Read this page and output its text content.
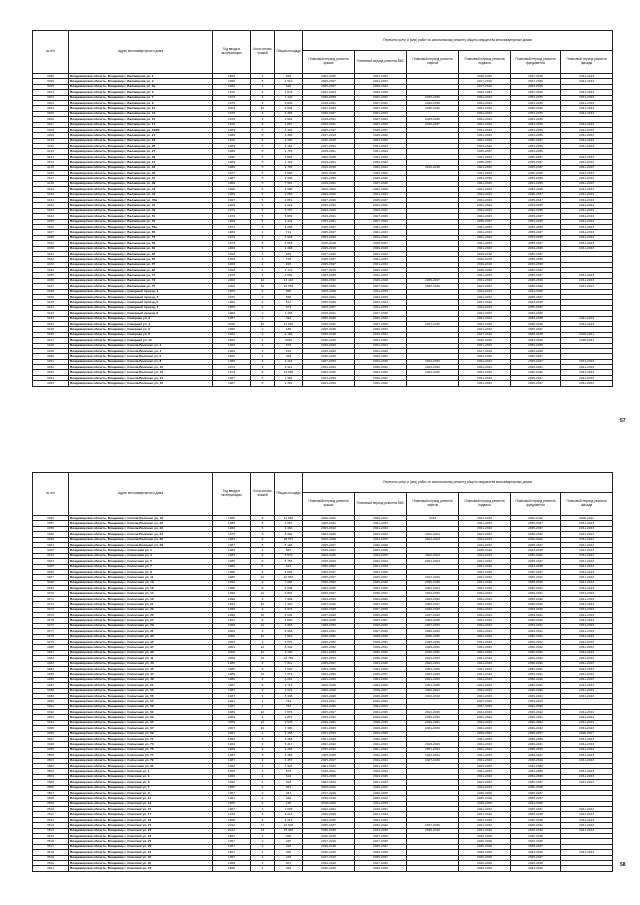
№ п/п	Адрес многоквартирного дома	Год ввода в эксплуатацию	Коли-чество этажей	Общая площадь	Перечень услуг и (или) работ по капитальному ремонту общего имущества многоквартирных домов					
					Плановый период ремонта крыши	Плановый период ремонта ВИС	Плановый период ремонта лифтов	Плановый период ремонта подвала	Плановый период ремонта фундамента	Плановый период ремонта фасада
3398	Владимирская область, Владимир г, Балакирева ул, 1	1959	2	565	2024-2026	2021-2023		2018-2020	2037-2039	2041-2043
3399	Владимирская область, Владимир г, Балакирева ул, 3	1968	5	2 610	2025-2027	2021-2023		2017-2019	2037-2039	2041-2043
3400	Владимирская область, Владимир г, Балакирева ул, 3а	1960	2	526	2025-2027	2020-2022		2017-2019	2034-2036	
3401	Владимирская область, Владимир г, Балакирева ул, 5	1972	5	3 578	2021-2023	2026-2028		2032-2034	2037-2039	2041-2043
3402	Владимирская область, Владимир г, Балакирева ул, 7	1974	9	7 120	2026-2028	2020-2022	2035-2036	2041-2043	2033-2035	2041-2043
3403	Владимирская область, Владимир г, Балакирева ул, 9	1975	9	6 846	2019-2021	2027-2029	2036-2038	2041-2043	2034-2036	2041-2043
3404	Владимирская область, Владимир г, Балакирева ул, 11	2003	10	6 504	2031-2033	2027-2029	2038-2040	2041-2043	2038-2040	2041-2043
3405	Владимирская область, Владимир г, Балакирева ул, 13	1976	5	3 456	2026-2027	2021-2023		2041-2043	2033-2035	2041-2043
3406	Владимирская область, Владимир г, Балакирева ул, 15	1976	9	2 904	2019-2021	2027-2029	2035-2036	2041-2043	2033-2035	
3407	Владимирская область, Владимир г, Балакирева ул, 17	1976	9	7 867	2019-2021	2027-2029	2036-2037	2041-2043	2033-2035	2041-2043
3408	Владимирская область, Владимир г, Балакирева ул, 19/85	1969	5	3 302	2025-2027	2025-2027		2041-2043	2034-2036	2041-2043
3409	Владимирская область, Владимир г, Балакирева ул, 21	1969	5	3 460	2017-2019	2026-2028		2041-2043	2034-2036	2041-2043
3410	Владимирская область, Владимир г, Балакирева ул, 23	1970	5	3 483	2016-2018	2023-2025		2041-2043	2035-2037	2041-2043
3411	Владимирская область, Владимир г, Балакирева ул, 25	1969	5	4 181	2017-2019	2021-2023		2041-2043	2034-2036	2041-2043
3412	Владимирская область, Владимир г, Балакирева ул, 27	1969	5	1 716	2019-2021	2021-2023		2035-2037	2034-2036	
3413	Владимирская область, Владимир г, Балакирева ул, 29	1990	5	3 894	2026-2028	2021-2023		2041-2043	2035-2037	2041-2043
3414	Владимирская область, Владимир г, Балакирева ул, 31	1969	5	1 792	2019-2021	2020-2022		2035-2037	2035-2037	2041-2043
3415	Владимирская область, Владимир г, Балакирева ул, 33	1969	5	1 759	2016-2018	2022-2024	2016-2018	2041-2043	2035-2037	2041-2043
3416	Владимирская область, Владимир г, Балакирева ул, 35	1977	5	2 583	2015-2016	2020-2022		2041-2043	2036-2038	2041-2043
3417	Владимирская область, Владимир г, Балакирева ул, 37	1987	5	3 980	2026-2028	2020-2022		2033-2035	2036-2038	2041-2043
3418	Владимирская область, Владимир г, Балакирева ул, 39	1969	5	7 591	2016-2021	2027-2029		2041-2043	2034-2036	2041-2043
3419	Владимирская область, Владимир г, Балакирева ул, 41	1968	5	3 986	2020-2022	2026-2028		2041-2043	2033-2035	2041-2043
3420	Владимирская область, Владимир г, Балакирева ул, 43	1969	5	2 650	2024-2026	2021-2023		2041-2043	2035-2037	2041-2043
3421	Владимирская область, Владимир г, Балакирева ул, 45а	1967	5	2 861	2027-2029	2025-2027		2041-2043	2035-2037	2041-2043
3422	Владимирская область, Владимир г, Балакирева ул, 47	1969	5	1 519	2020-2022	2024-2026		2041-2043	2033-2035	2041-2043
3423	Владимирская область, Владимир г, Балакирева ул, 49	1974	5	3 707	2023-2025	2020-2022		2041-2043	2033-2035	2041-2043
3424	Владимирская область, Владимир г, Балакирева ул, 51	1974	5	5 899	2019-2021	2027-2029		2041-2043	2035-2037	2041-2043
3425	Владимирская область, Владимир г, Балакирева ул, 53	1968	5	2 134	2019-2021	2027-2029		2035-2037	2034-2036	2041-2043
3426	Владимирская область, Владимир г, Балакирева ул, 54а	1971	5	4 258	2025-2027	2021-2023		2041-2043	2033-2035	2041-2043
3427	Владимирская область, Владимир г, Балакирева ул, 55	1989	2	721	2025-2027	2021-2023		2041-2043	2035-2037	2041-2043
3428	Владимирская область, Владимир г, Балакирева ул, 57	1972	5	6 945	2024-2026	2024-2026		2041-2043	2033-2035	2041-2043
3429	Владимирская область, Владимир г, Балакирева ул, 59	1973	5	4 853	2016-2018	2025-2027		2041-2043	2035-2037	2041-2043
3430	Владимирская область, Владимир г, Балакирева ул, 61	1969	5	1 398	2015-2019	2026-2028		2041-2043	2034-2036	2041-2043
3431	Владимирская область, Владимир г, Балакирева ул, 63	1969	2	539	2027-2029	2021-2023		2016-2018	2035-2037	
3432	Владимирская область, Владимир г, Балакирева ул, 65	1969	2	778	2025-2027	2021-2023		2016-2018	2036-2038	
3433	Владимирская область, Владимир г, Балакирева ул, 67	1969	2	695	2025-2027	2021-2023		2016-2018	2036-2038	
3434	Владимирская область, Владимир г, Балакирева ул, 69	1969	2	1 170	2017-2019	2026-2028		2036-2038	2035-2037	
3435	Владимирская область, Владимир г, Балакирева ул, 71	1970	5	3 890	2023-2025	2022-2024		2041-2043	2035-2037	2041-2043
3436	Владимирская область, Владимир г, Балакирева ул, 73	2008	10	13 446	2030-2032	2026-2028	2035-2037	2041-2043	2038-2040	2041-2043
3437	Владимирская область, Владимир г, Балакирева ул, 75	2009	10	10 669	2028-2030	2027-2029	2038-2040	2041-2043	2038-2040	2041-2043
3438	Владимирская область, Владимир г, Северный проезд, 1	1969	2	595	2025-2028	2021-2023		2041-2043	2034-2036	
3439	Владимирская область, Владимир г, Северный проезд, 3	1970	2	598	2019-2021	2024-2026		2041-2043	2035-2037	
3440	Владимирская область, Владимир г, Северный проезд, 5	1969	2	611	2026-2028	2022-2024		2041-2043	2034-2036	
3441	Владимирская область, Владимир г, Северный проезд, 7	1969	2	573	2025-2027	2021-2023		2041-2043	2035-2037	
3442	Владимирская область, Владимир г, Северный проезд, 9	1969	2	1 404	2019-2021	2027-2029		2041-2043	2034-2036	
3443	Владимирская область, Владимир г, Северная ул, 2	1957	2	393	2026-2028	2020-2022		2021-2023	2036-2038	2041-2043
3444	Владимирская область, Владимир г, Северная ул, 4	2010	10	11 636	2030-2032	2027-2029	2037-2039	2041-2043	2038-2040	2041-2043
3445	Владимирская область, Владимир г, Северная ул, 6	1969	2	188	2025-2028	2022-2024		2041-2043	2035-2037	
3446	Владимирская область, Владимир г, Северная ул, 8	1962	2	1 169	2016-2018	2019-2021		2017-2019	2036-2038	2028-2031
3447	Владимирская область, Владимир г, Северная ул, 10	1962	2	2045	2016-2018	2021-2023		2016-2018	2033-2035	2028-2031
3448	Владимирская область, Владимир г, Сокола-Волошко ул, 2	1962	2	575	2016-2020	2021-2023		2021-2023	2036-2038	
3449	Владимирская область, Владимир г, Сокола-Волошко ул, 4	1962	2	316	2015-2020	2024-2026		2017-2019	2036-2038	
3450	Владимирская область, Владимир г, Сокола-Волошко ул, 6	1960	2	359	2016-2018	2020-2022		2034-2036	2035-2037	
3451	Владимирская область, Владимир г, Сокола-Волошко ул, 8	1980	9	4 401	2027-2029	2024-2026	2024-2026	2041-2043	2035-2037	2041-2043
3452	Владимирская область, Владимир г, Сокола-Волошко ул, 10	1972	9	6 112	2021-2023	2020-2022	2024-2026	2041-2043	2039-2041	2041-2043
3453	Владимирская область, Владимир г, Сокола-Волошко ул, 12	1974	9	14 588	2023-2025	2023-2025	2024-2026	2041-2043	2040-2042	2041-2043
3454	Владимирская область, Владимир г, Сокола-Волошко ул, 14	1967	5	1 382	2024-2026	2020-2022		2041-2043	2035-2037	2041-2043
3455	Владимирская область, Владимир г, Сокола-Волошко ул, 16	1987	5	2 391	2021-2023	2020-2022		2041-2043	2035-2037	2041-2043
57
№ п/п	Адрес многоквартирного дома	Год ввода в эксплуатацию	Коли-чество этажей	Общая площадь	Перечень услуг и (или) работ по капитальному ремонту общего имущества многоквартирных домов					
					Плановый период ремонта крыши	Плановый период ремонта ВИС	Плановый период ремонта лифтов	Плановый период ремонта подвала	Плановый период ремонта фундамента	Плановый период ремонта фасада
3456	Владимирская область, Владимир г, Сокола-Волошко ул, 18	1980	9	11 658	2020-2022	2020-2022	2014	2041-2043	2040-2042	2008-2011
3457	Владимирская область, Владимир г, Сокола-Волошко ул, 20	1980	5	2 087	2020-2022	2021-2023		2041-2043	2035-2037	2041-2043
3458	Владимирская область, Владимир г, Сокола-Волошко ул, 22	1980	5	2 460	2020-2022	2021-2023		2041-2043	2035-2037	2041-2043
3459	Владимирская область, Владимир г, Сокола-Волошко ул, 24	1975	9	8 982	2024-2026	2024-2026	2022-2024	2041-2043	2038-2040	2041-2043
3460	Владимирская область, Владимир г, Сокола-Волошко ул, 26	1984	9	25 572	2026-2028	2023-2025	2021-2023	2041-2043	2040-2042	2041-2043
3461	Владимирская область, Владимир г, Сокола-Волошко ул, 28	1987	5	6 106	2025-2027	2026-2028		2041-2043	2035-2037	2041-2043
3462	Владимирская область, Владимир г, Солнечная ул, 1	1965	2	582	2019-2021	2023-2025		2038-2040	2034-2036	2041-2043
3463	Владимирская область, Владимир г, Солнечная ул, 3	1983	9	8 579	2024-2026	2024-2026	2022-2024	2041-2043	2039-2041	2041-2043
3464	Владимирская область, Владимир г, Солнечная ул, 5	1985	9	5 756	2018-2020	2022-2024	2021-2023	2041-2043	2035-2037	2041-2043
3465	Владимирская область, Владимир г, Солнечная ул, 7	1986	5	624	2020-2022	2021-2023		2041-2043	2034-2036	2041-2043
3466	Владимирская область, Владимир г, Солнечная ул, 9	1986	5	4 584	2025-2027	2024-2026		2041-2043	2035-2037	2041-2043
3467	Владимирская область, Владимир г, Солнечная ул, 11	1988	10	10 864	2025-2027	2025-2027	2021-2023	2041-2043	2039-2041	2041-2043
3468	Владимирская область, Владимир г, Солнечная ул, 13	1990	9	7 084	2020-2022	2026-2028	2026-2028	2041-2043	2038-2040	2041-2043
3469	Владимирская область, Владимир г, Солнечная ул, 15	1988	9	5 208	2023-2025	2024-2026	2022-2024	2041-2043	2039-2041	2041-2043
3470	Владимирская область, Владимир г, Солнечная ул, 17	1990	10	6 894	2025-2027	2020-2022	2024-2026	2041-2043	2039-2041	2041-2043
3471	Владимирская область, Владимир г, Солнечная ул, 19	1990	9	7 309	2023-2025	2024-2026	2024-2026	2041-2043	2038-2040	2041-2043
3472	Владимирская область, Владимир г, Солнечная ул, 21	1993	10	7 420	2027-2029	2027-2029	2025-2027	2041-2043	2038-2040	2041-2043
3473	Владимирская область, Владимир г, Солнечная ул, 23	1995	9	6 975	2026-2028	2027-2029	2026-2028	2041-2043	2038-2040	2041-2043
3474	Владимирская область, Владимир г, Солнечная ул, 25	1996	10	8 246	2027-2029	2026-2028	2027-2029	2041-2043	2039-2041	2041-2043
3475	Владимирская область, Владимир г, Солнечная ул, 27	1997	9	4 890	2026-2028	2025-2027	2026-2028	2041-2043	2038-2040	2041-2043
3476	Владимирская область, Владимир г, Солнечная ул, 29	1999	10	3 954	2028-2030	2028-2030	2027-2029	2041-2043	2039-2041	2041-2043
3477	Владимирская область, Владимир г, Солнечная ул, 31	2000	9	6 456	2029-2031	2027-2029	2028-2030	2041-2043	2039-2041	2041-2043
3478	Владимирская область, Владимир г, Солнечная ул, 33	2002	10	7 910	2030-2032	2028-2030	2028-2030	2041-2043	2039-2041	2041-2043
3479	Владимирская область, Владимир г, Солнечная ул, 35	2003	9	6 675	2030-2032	2029-2031	2028-2030	2041-2043	2040-2042	2041-2043
3480	Владимирская область, Владимир г, Солнечная ул, 37	2004	10	8 432	2030-2032	2029-2031	2029-2031	2041-2043	2040-2042	2041-2043
3481	Владимирская область, Владимир г, Солнечная ул, 39	2006	10	9 430	2031-2033	2030-2032	2030-2032	2041-2043	2040-2042	2041-2043
3482	Владимирская область, Владимир г, Солнечная ул, 41	2008	10	18 765	2032-2034	2030-2032	2031-2033	2041-2043	2040-2042	2041-2043
3483	Владимирская область, Владимир г, Солнечная ул, 43	1985	9	7 811	2025-2027	2024-2026	2022-2024	2041-2043	2038-2040	2041-2043
3484	Владимирская область, Владимир г, Солнечная ул, 45	1985	9	7 629	2023-2025	2023-2025	2024-2026	2041-2043	2039-2041	2041-2043
3485	Владимирская область, Владимир г, Солнечная ул, 47	1986	10	7 674	2024-2026	2025-2027	2023-2025	2041-2043	2039-2041	2041-2043
3486	Владимирская область, Владимир г, Солнечная ул, 49	1986	9	6 261	2021-2023	2024-2026	2021-2023	2041-2043	2038-2040	2041-2043
3487	Владимирская область, Владимир г, Солнечная ул, 51	1987	9	2 714	2026-2028	2024-2026	2023-2025	2041-2043	2039-2041	2041-2043
3488	Владимирская область, Владимир г, Солнечная ул, 53	1987	9	3 022	2026-2028	2025-2027	2022-2024	2041-2043	2038-2040	2041-2043
3489	Владимирская область, Владимир г, Солнечная ул, 55	1987	9	3 408	2026-2028	2026-2028	2016-2018	2041-2043	2039-2041	2041-2043
3490	Владимирская область, Владимир г, Солнечная ул, 57	1967	2	764	2019-2021	2020-2022		2027-2029	2034-2036	
3491	Владимирская область, Владимир г, Солнечная ул, 59	1967	2	762	2024-2026	2021-2023		2037-2039	2034-2036	
3492	Владимирская область, Владимир г, Солнечная ул, 61	1989	10	7 576	2025-2027	2024-2026	2024-2026	2041-2043	2040-2042	2041-2043
3493	Владимирская область, Владимир г, Солнечная ул, 63	2005	9	4 857	2029-2031	2028-2030	2030-2032	2041-2043	2039-2041	2041-2043
3494	Владимирская область, Владимир г, Солнечная ул, 65	2005	10	9 526	2029-2031	2028-2030	2029-2031	2041-2043	2040-2042	2041-2043
3495	Владимирская область, Владимир г, Солнечная ул, 67	2007	10	7 400	2031-2033	2029-2031	2031-2033	2041-2043	2040-2042	2041-2043
3496	Владимирская область, Владимир г, Солнечная ул, 69	1957	2	4 158	2021-2023	2026-2028		2026-2027	2035-2037	2026-2027
3497	Владимирская область, Владимир г, Солнечная ул, 71	1960	5	4 458	2021-2023	2020-2022		2041-2043	2036-2038	2041-2043
3498	Владимирская область, Владимир г, Солнечная ул, 73	1960	9	5 417	2022-2024	2021-2023	2018-2020	2041-2043	2039-2041	2041-2043
3499	Владимирская область, Владимир г, Солнечная ул, 75	1983	9	4 466	2020-2022	2021-2023	2021-2023	2041-2043	2038-2040	2041-2043
3500	Владимирская область, Владимир г, Солнечная ул, 77	1983	9	4 482	2023-2025	2022-2024	2022-2024	2041-2043	2039-2041	2041-2043
3501	Владимирская область, Владимир г, Солнечная ул, 79	1987	9	4 457	2025-2027	2022-2024	2027-2029	2041-2043	2038-2040	2041-2043
3502	Владимирская область, Владимир г, Солнечная ул, 81	1962	2	1 326	2021-2023	2021-2023		2033-2035	2034-2036	
3503	Владимирская область, Владимир г, Спасская ул, 1	1965	2	575	2019-2021	2022-2024		2041-2043	2034-2036	2041-2043
3504	Владимирская область, Владимир г, Спасская ул, 3	1966	2	612	2024-2026	2023-2025		2041-2043	2034-2036	2041-2043
3505	Владимирская область, Владимир г, Спасская ул, 5	1960	2	693	2022-2024	2021-2023		2041-2043	2035-2037	2041-2043
3506	Владимирская область, Владимир г, Спасская ул, 7	1960	2	651	2020-2022	2020-2022		2041-2043	2036-2038	
3507	Владимирская область, Владимир г, Спасская ул, 9	1957	2	447	2017-2019	2026-2028		2026-2028	2035-2037	
3508	Владимирская область, Владимир г, Спасская ул, 11	1961	2	420	2016-2018	2020-2022		2026-2028	2035-2037	
3509	Владимирская область, Владимир г, Спасская ул, 13	1965	2	195	2018-2020	2021-2023		2026-2028	2034-2036	
3510	Владимирская область, Владимир г, Спасская ул, 15	1967	2	1 009	2022-2024	2019-2021		2041-2043	2035-2037	2041-2043
3511	Владимирская область, Владимир г, Спасская ул, 17	1970	5	4 213	2024-2026	2021-2023		2041-2043	2036-2038	2041-2043
3512	Владимирская область, Владимир г, Спасская ул, 19	1968	5	4 216	2023-2025	2022-2024		2041-2043	2036-2038	2041-2043
3513	Владимирская область, Владимир г, Спасская ул, 21	2012	17	22 500	2035-2037	2032-2034	2037-2039	2041-2043	2040-2042	2041-2043
3514	Владимирская область, Владимир г, Спасская ул, 23	2014	16	23 946	2036-2038	2033-2035	2038-2040	2041-2043	2040-2042	2041-2043
3515	Владимирская область, Владимир г, Спасская ул, 25	1957	2	438	2016-2018	2027-2029		2026-2028	2036-2038	
3516	Владимирская область, Владимир г, Спасская ул, 27	1957	2	445	2017-2019	2027-2029		2026-2028	2034-2036	
3517	Владимирская область, Владимир г, Спасская ул, 29	1957	2	415	2016-2018	2025-2027		2026-2028	2035-2037	
3518	Владимирская область, Владимир г, Спасская ул, 31	1957	2	396	2016-2018	2026-2028		2026-2028	2034-2036	2041-2043
3519	Владимирская область, Владимир г, Спасская ул, 33	1957	2	418	2017-2019	2025-2027		2026-2028	2035-2037	
3520	Владимирская область, Владимир г, Спасская ул, 35	1958	2	407	2016-2018	2027-2029		2026-2028	2036-2038	
3521	Владимирская область, Владимир г, Спасская ул, 37	1958	2	392	2016-2018	2026-2028		2026-2028	2034-2036	
58
